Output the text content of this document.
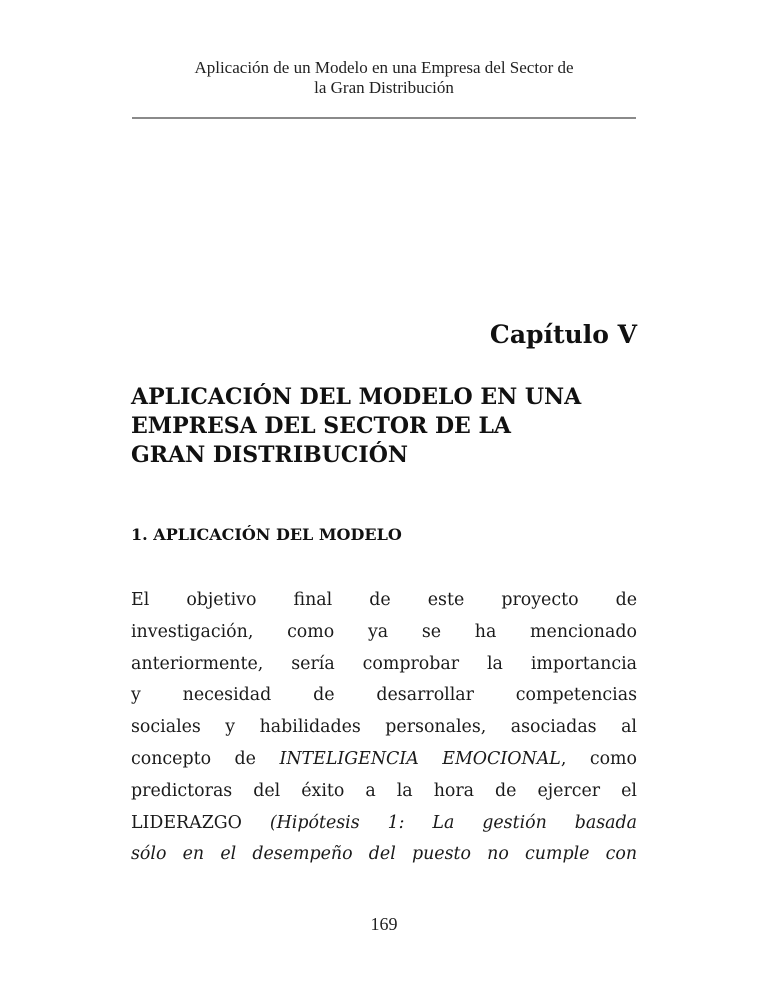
Aplicación de un Modelo en una Empresa del Sector de
la Gran Distribución
Capítulo V
APLICACIÓN DEL MODELO EN UNA
EMPRESA DEL SECTOR DE LA
GRAN DISTRIBUCIÓN
1. APLICACIÓN DEL MODELO
El objetivo final de este proyecto de
investigación, como ya se ha mencionado
anteriormente, sería comprobar la importancia
y necesidad de desarrollar competencias
sociales y habilidades personales, asociadas al
concepto de INTELIGENCIA EMOCIONAL, como
predictoras del éxito a la hora de ejercer el
LIDERAZGO (Hipótesis 1: La gestión basada
sólo en el desempeño del puesto no cumple con
169
